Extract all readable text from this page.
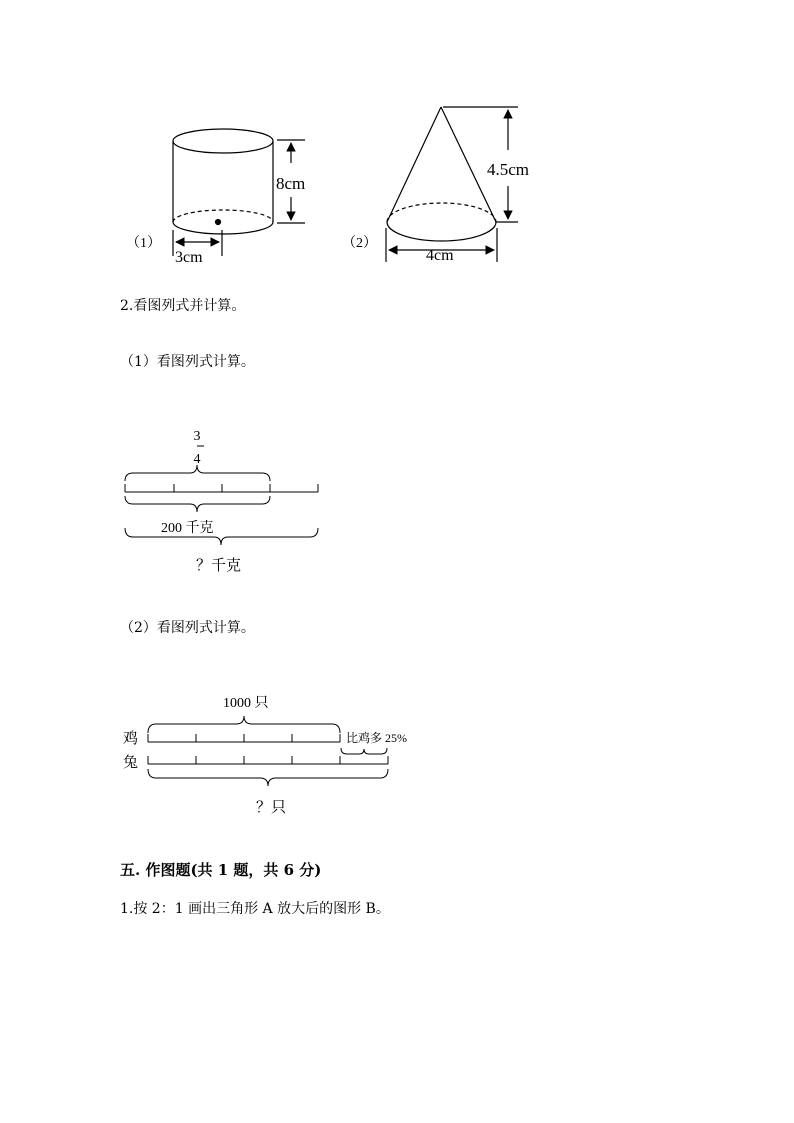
（1）
8cm
3cm
（2）
4.5cm
4cm
3
4
200 千克
？千克
1000 只
鸡
兔
比鸡多 25%
？只
2.看图列式并计算。
（1）看图列式计算。
（2）看图列式计算。
五. 作图题(共 1 题，共 6 分)
1.按 2：1 画出三角形 A 放大后的图形 B。
